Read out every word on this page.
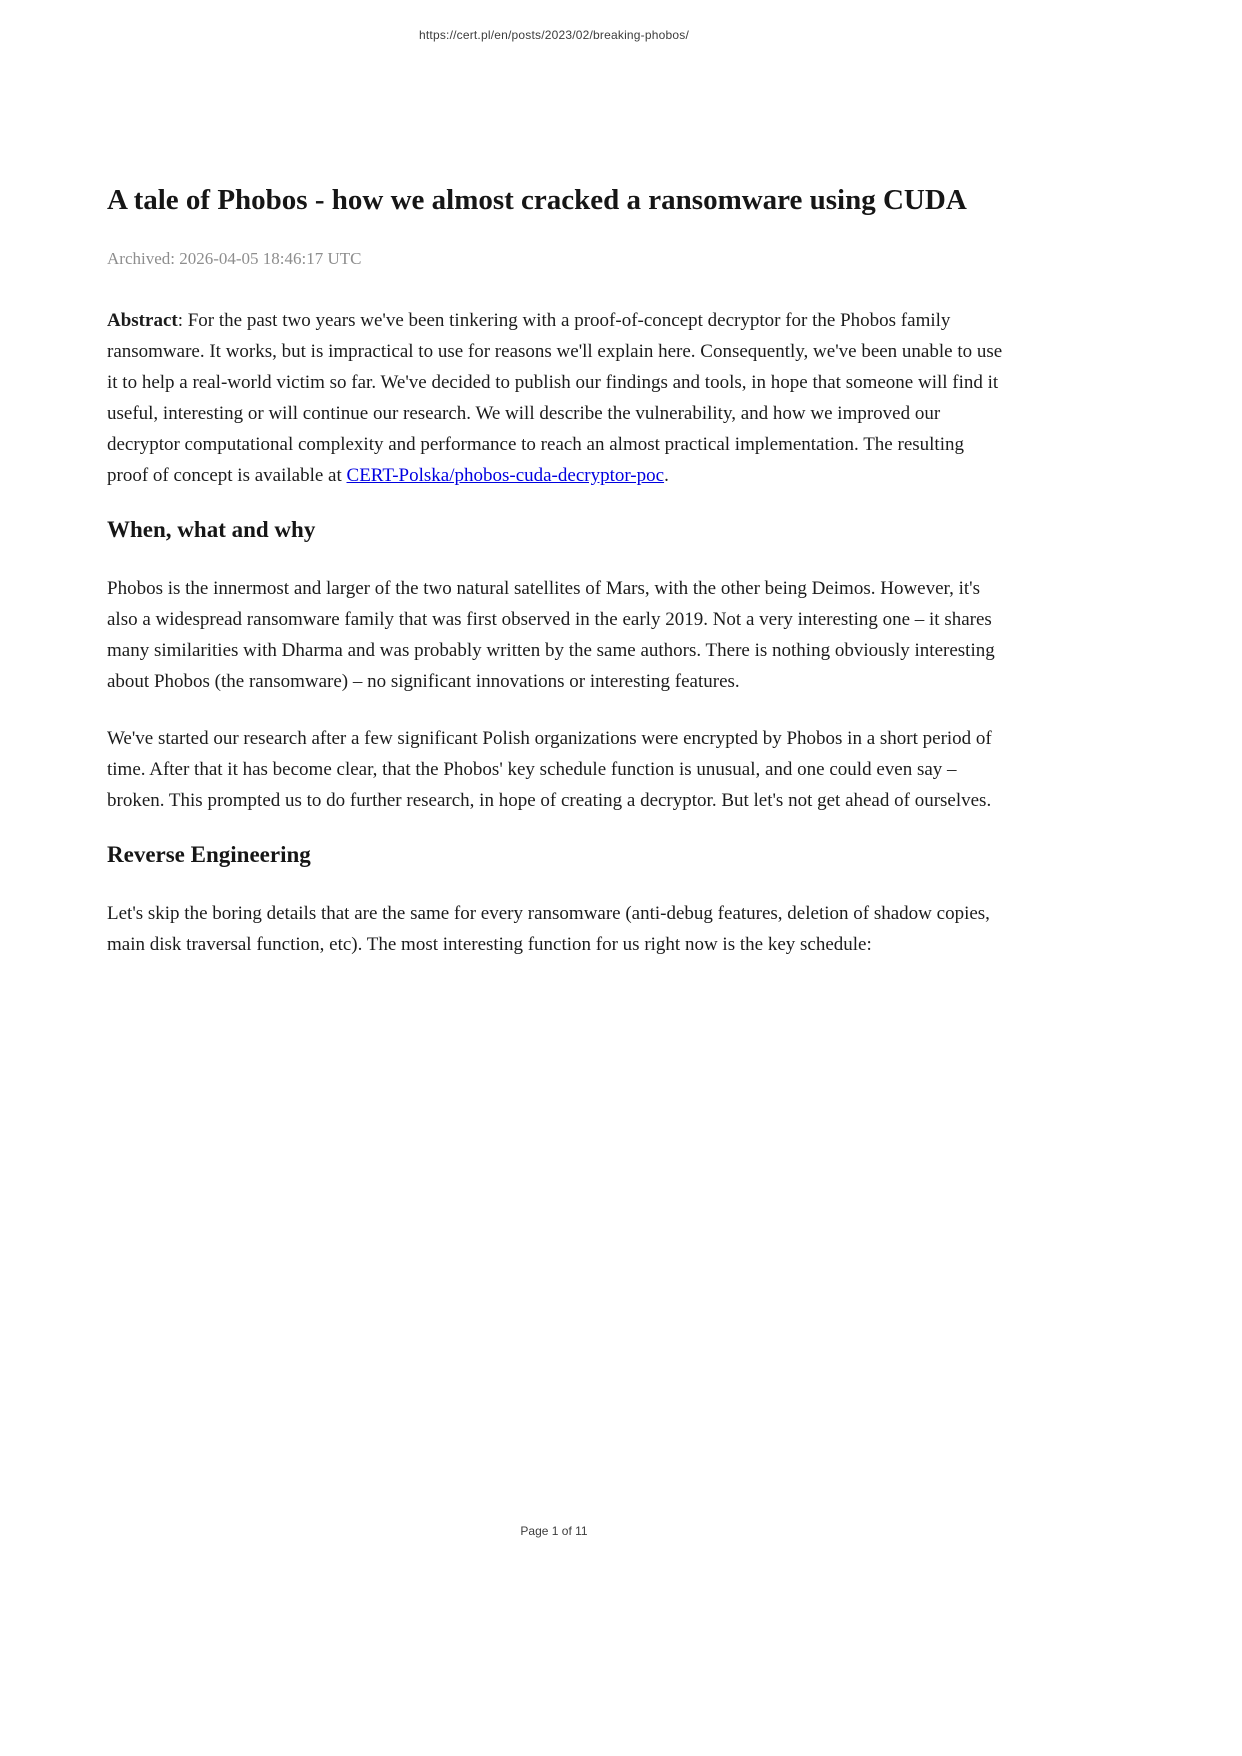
https://cert.pl/en/posts/2023/02/breaking-phobos/
A tale of Phobos - how we almost cracked a ransomware using CUDA

Archived: 2026-04-05 18:46:17 UTC

Abstract: For the past two years we've been tinkering with a proof-of-concept decryptor for the Phobos family ransomware. It works, but is impractical to use for reasons we'll explain here. Consequently, we've been unable to use it to help a real-world victim so far. We've decided to publish our findings and tools, in hope that someone will find it useful, interesting or will continue our research. We will describe the vulnerability, and how we improved our decryptor computational complexity and performance to reach an almost practical implementation. The resulting proof of concept is available at CERT-Polska/phobos-cuda-decryptor-poc.

When, what and why

Phobos is the innermost and larger of the two natural satellites of Mars, with the other being Deimos. However, it's also a widespread ransomware family that was first observed in the early 2019. Not a very interesting one – it shares many similarities with Dharma and was probably written by the same authors. There is nothing obviously interesting about Phobos (the ransomware) – no significant innovations or interesting features.

We've started our research after a few significant Polish organizations were encrypted by Phobos in a short period of time. After that it has become clear, that the Phobos' key schedule function is unusual, and one could even say – broken. This prompted us to do further research, in hope of creating a decryptor. But let's not get ahead of ourselves.

Reverse Engineering

Let's skip the boring details that are the same for every ransomware (anti-debug features, deletion of shadow copies, main disk traversal function, etc). The most interesting function for us right now is the key schedule:

Page 1 of 11
